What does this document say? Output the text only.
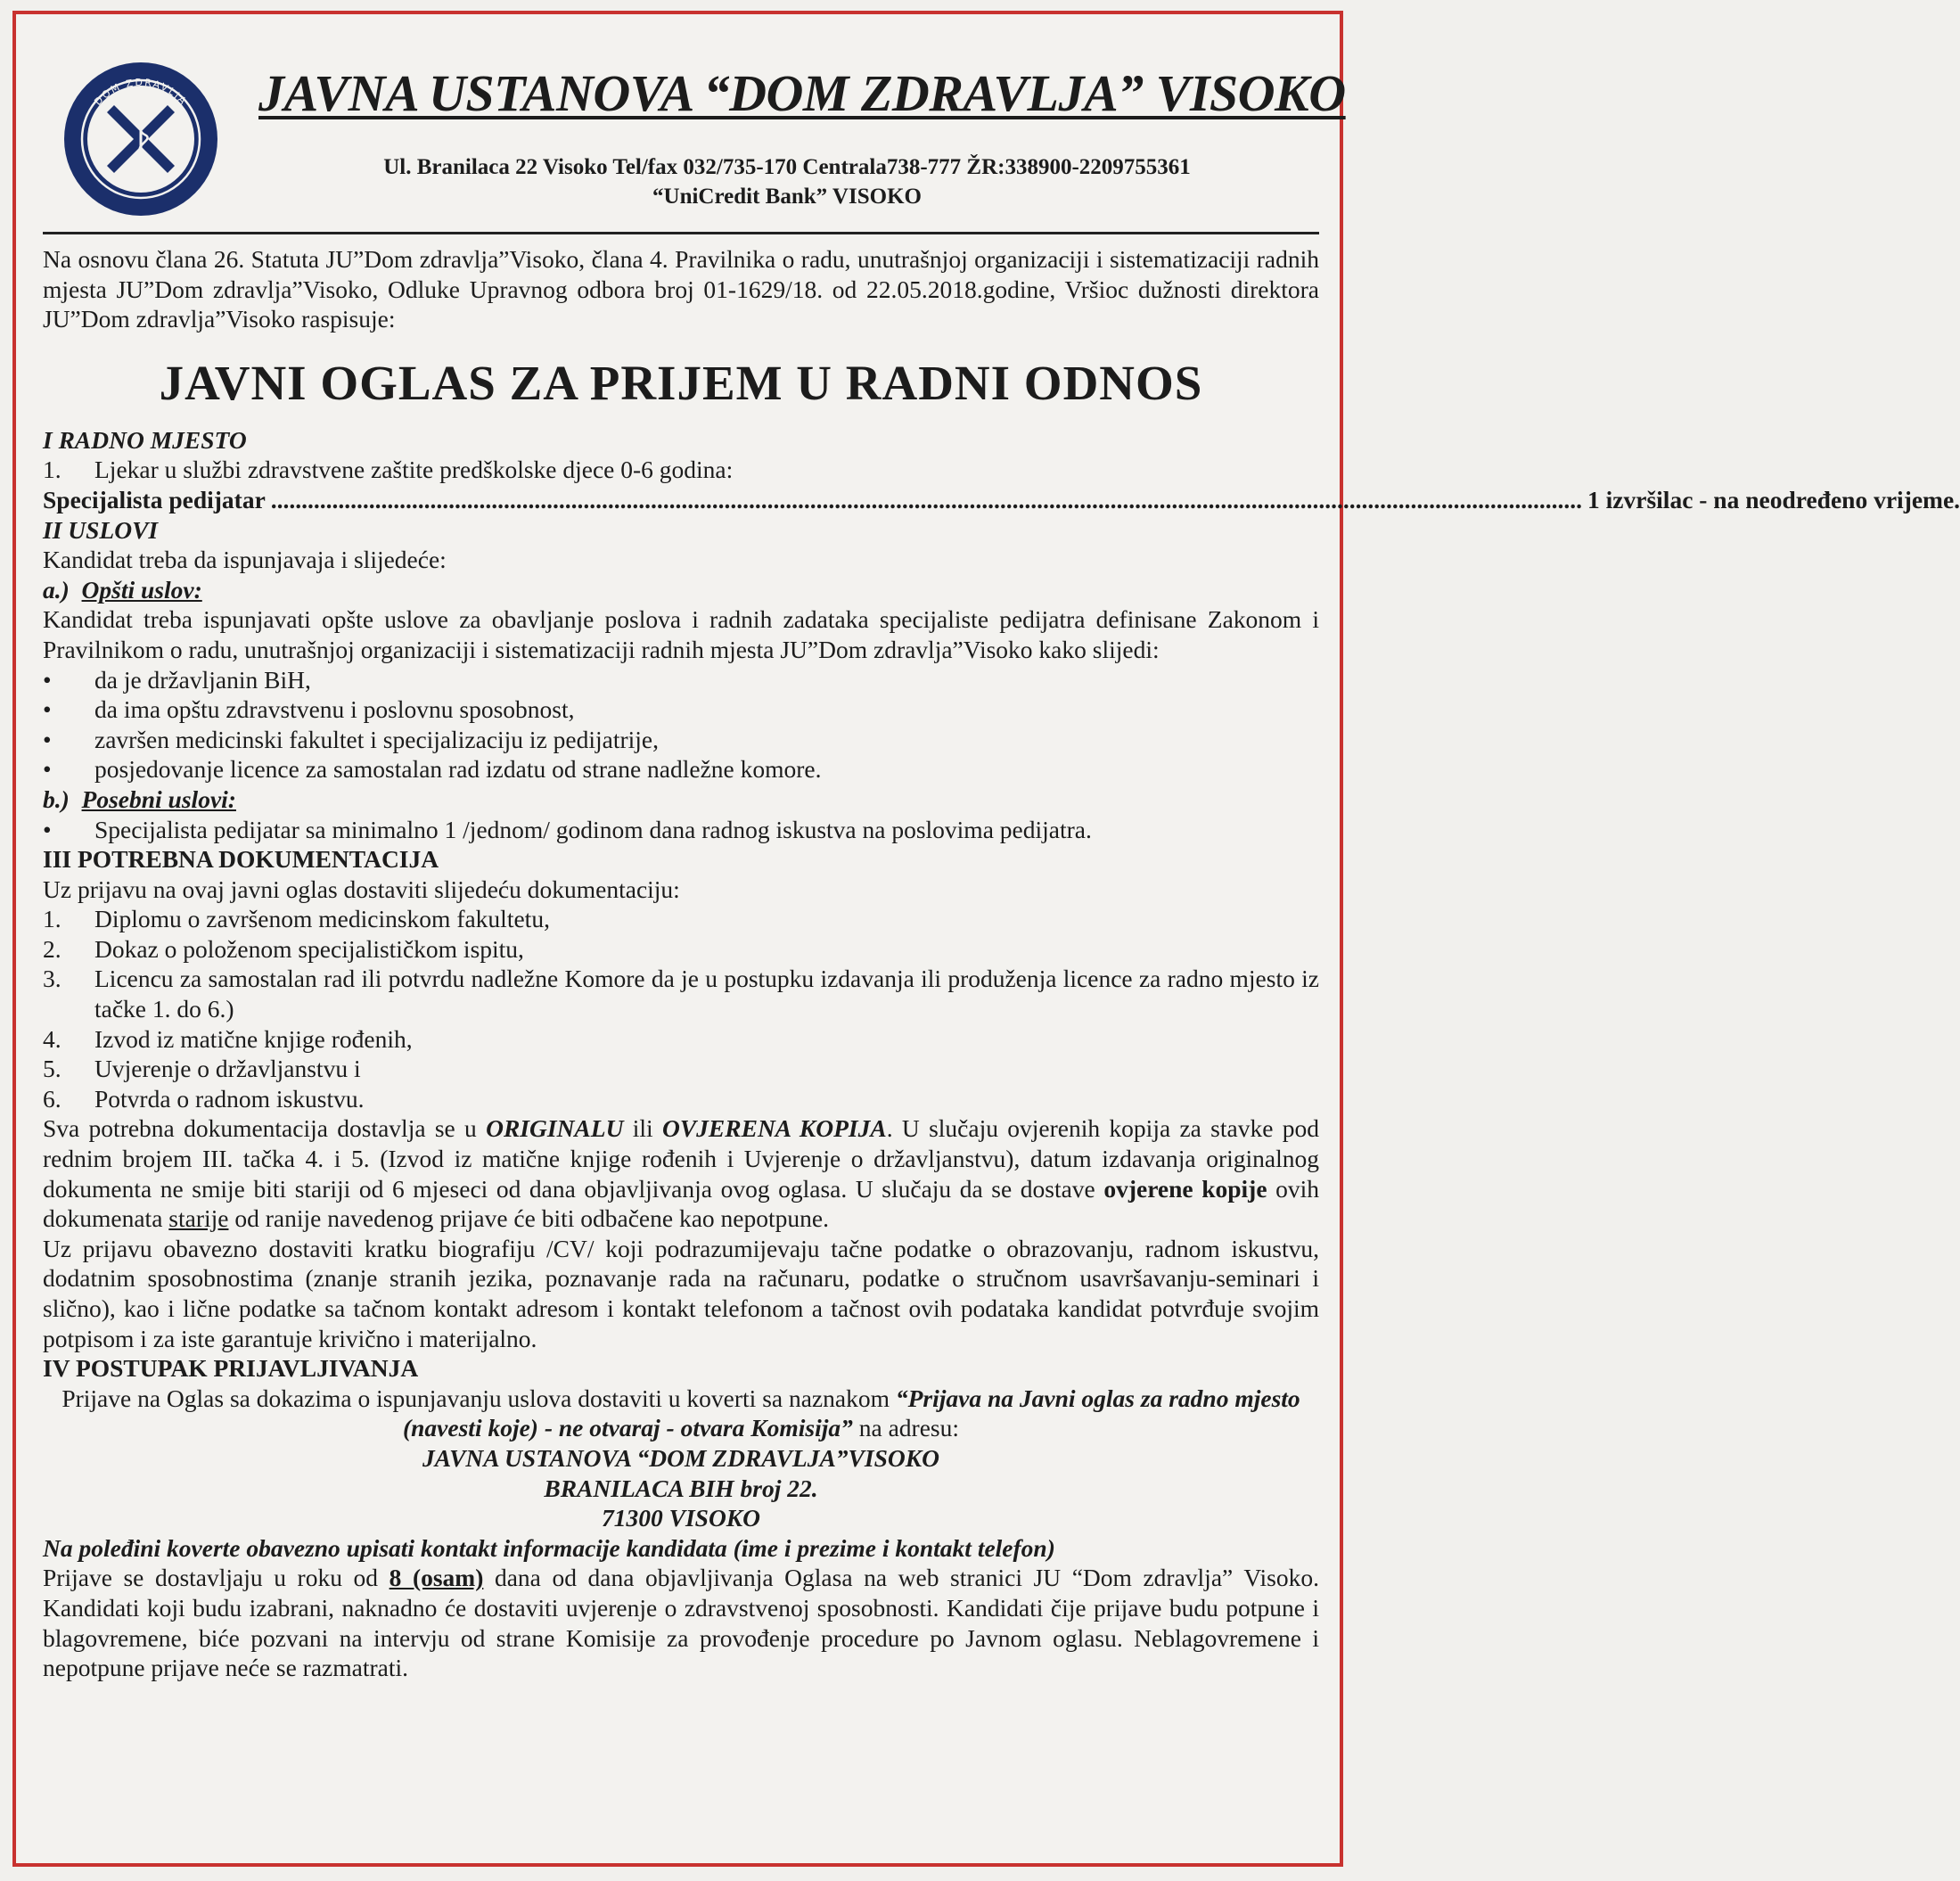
DOM ZDRAVLJA
VISOKO
JAVNA USTANOVA “DOM ZDRAVLJA” VISOKO
Ul. Branilaca 22 Visoko Tel/fax 032/735-170 Centrala738-777 ŽR:338900-2209755361
“UniCredit Bank” VISOKO

Na osnovu člana 26. Statuta JU”Dom zdravlja”Visoko, člana 4. Pravilnika o radu, unutrašnjoj organizaciji i sistematizaciji radnih mjesta JU”Dom zdravlja”Visoko, Odluke Upravnog odbora broj 01-1629/18. od 22.05.2018.godine, Vršioc dužnosti direktora JU”Dom zdravlja”Visoko raspisuje:

JAVNI OGLAS ZA PRIJEM U RADNI ODNOS

I RADNO MJESTO

1.	Ljekar u službi zdravstvene zaštite predškolske djece 0-6 godina:
Specijalista pedijatar ...................................................................................................................................................................................................................... 1 izvršilac - na neodređeno vrijeme.

II USLOVI

Kandidat treba da ispunjavaja i slijedeće:

a.) Opšti uslov:

Kandidat treba ispunjavati opšte uslove za obavljanje poslova i radnih zadataka specijaliste pedijatra definisane Zakonom i Pravilnikom o radu, unutrašnjoj organizaciji i sistematizaciji radnih mjesta JU”Dom zdravlja”Visoko kako slijedi:

•	da je državljanin BiH,
•	da ima opštu zdravstvenu i poslovnu sposobnost,
•	završen medicinski fakultet i specijalizaciju iz pedijatrije,
•	posjedovanje licence za samostalan rad izdatu od strane nadležne komore.

b.) Posebni uslovi:

•	Specijalista pedijatar sa minimalno 1 /jednom/ godinom dana radnog iskustva na poslovima pedijatra.

III POTREBNA DOKUMENTACIJA

Uz prijavu na ovaj javni oglas dostaviti slijedeću dokumentaciju:

1.	Diplomu o završenom medicinskom fakultetu,
2.	Dokaz o položenom specijalističkom ispitu,
3.	Licencu za samostalan rad ili potvrdu nadležne Komore da je u postupku izdavanja ili produženja licence za radno mjesto iz tačke 1. do 6.)
4.	Izvod iz matične knjige rođenih,
5.	Uvjerenje o državljanstvu i
6.	Potvrda o radnom iskustvu.

Sva potrebna dokumentacija dostavlja se u ORIGINALU ili OVJERENA KOPIJA. U slučaju ovjerenih kopija za stavke pod rednim brojem III. tačka 4. i 5. (Izvod iz matične knjige rođenih i Uvjerenje o državljanstvu), datum izdavanja originalnog dokumenta ne smije biti stariji od 6 mjeseci od dana objavljivanja ovog oglasa. U slučaju da se dostave ovjerene kopije ovih dokumenata starije od ranije navedenog prijave će biti odbačene kao nepotpune.

Uz prijavu obavezno dostaviti kratku biografiju /CV/ koji podrazumijevaju tačne podatke o obrazovanju, radnom iskustvu, dodatnim sposobnostima (znanje stranih jezika, poznavanje rada na računaru, podatke o stručnom usavršavanju-seminari i slično), kao i lične podatke sa tačnom kontakt adresom i kontakt telefonom a tačnost ovih podataka kandidat potvrđuje svojim potpisom i za iste garantuje krivično i materijalno.

IV POSTUPAK PRIJAVLJIVANJA

Prijave na Oglas sa dokazima o ispunjavanju uslova dostaviti u koverti sa naznakom “Prijava na Javni oglas za radno mjesto (navesti koje) - ne otvaraj - otvara Komisija” na adresu:

JAVNA USTANOVA “DOM ZDRAVLJA”VISOKO

BRANILACA BIH broj 22.

71300 VISOKO

Na poleđini koverte obavezno upisati kontakt informacije kandidata (ime i prezime i kontakt telefon)

Prijave se dostavljaju u roku od 8 (osam) dana od dana objavljivanja Oglasa na web stranici JU “Dom zdravlja” Visoko. Kandidati koji budu izabrani, naknadno će dostaviti uvjerenje o zdravstvenoj sposobnosti. Kandidati čije prijave budu potpune i blagovremene, biće pozvani na intervju od strane Komisije za provođenje procedure po Javnom oglasu. Neblagovremene i nepotpune prijave neće se razmatrati.
